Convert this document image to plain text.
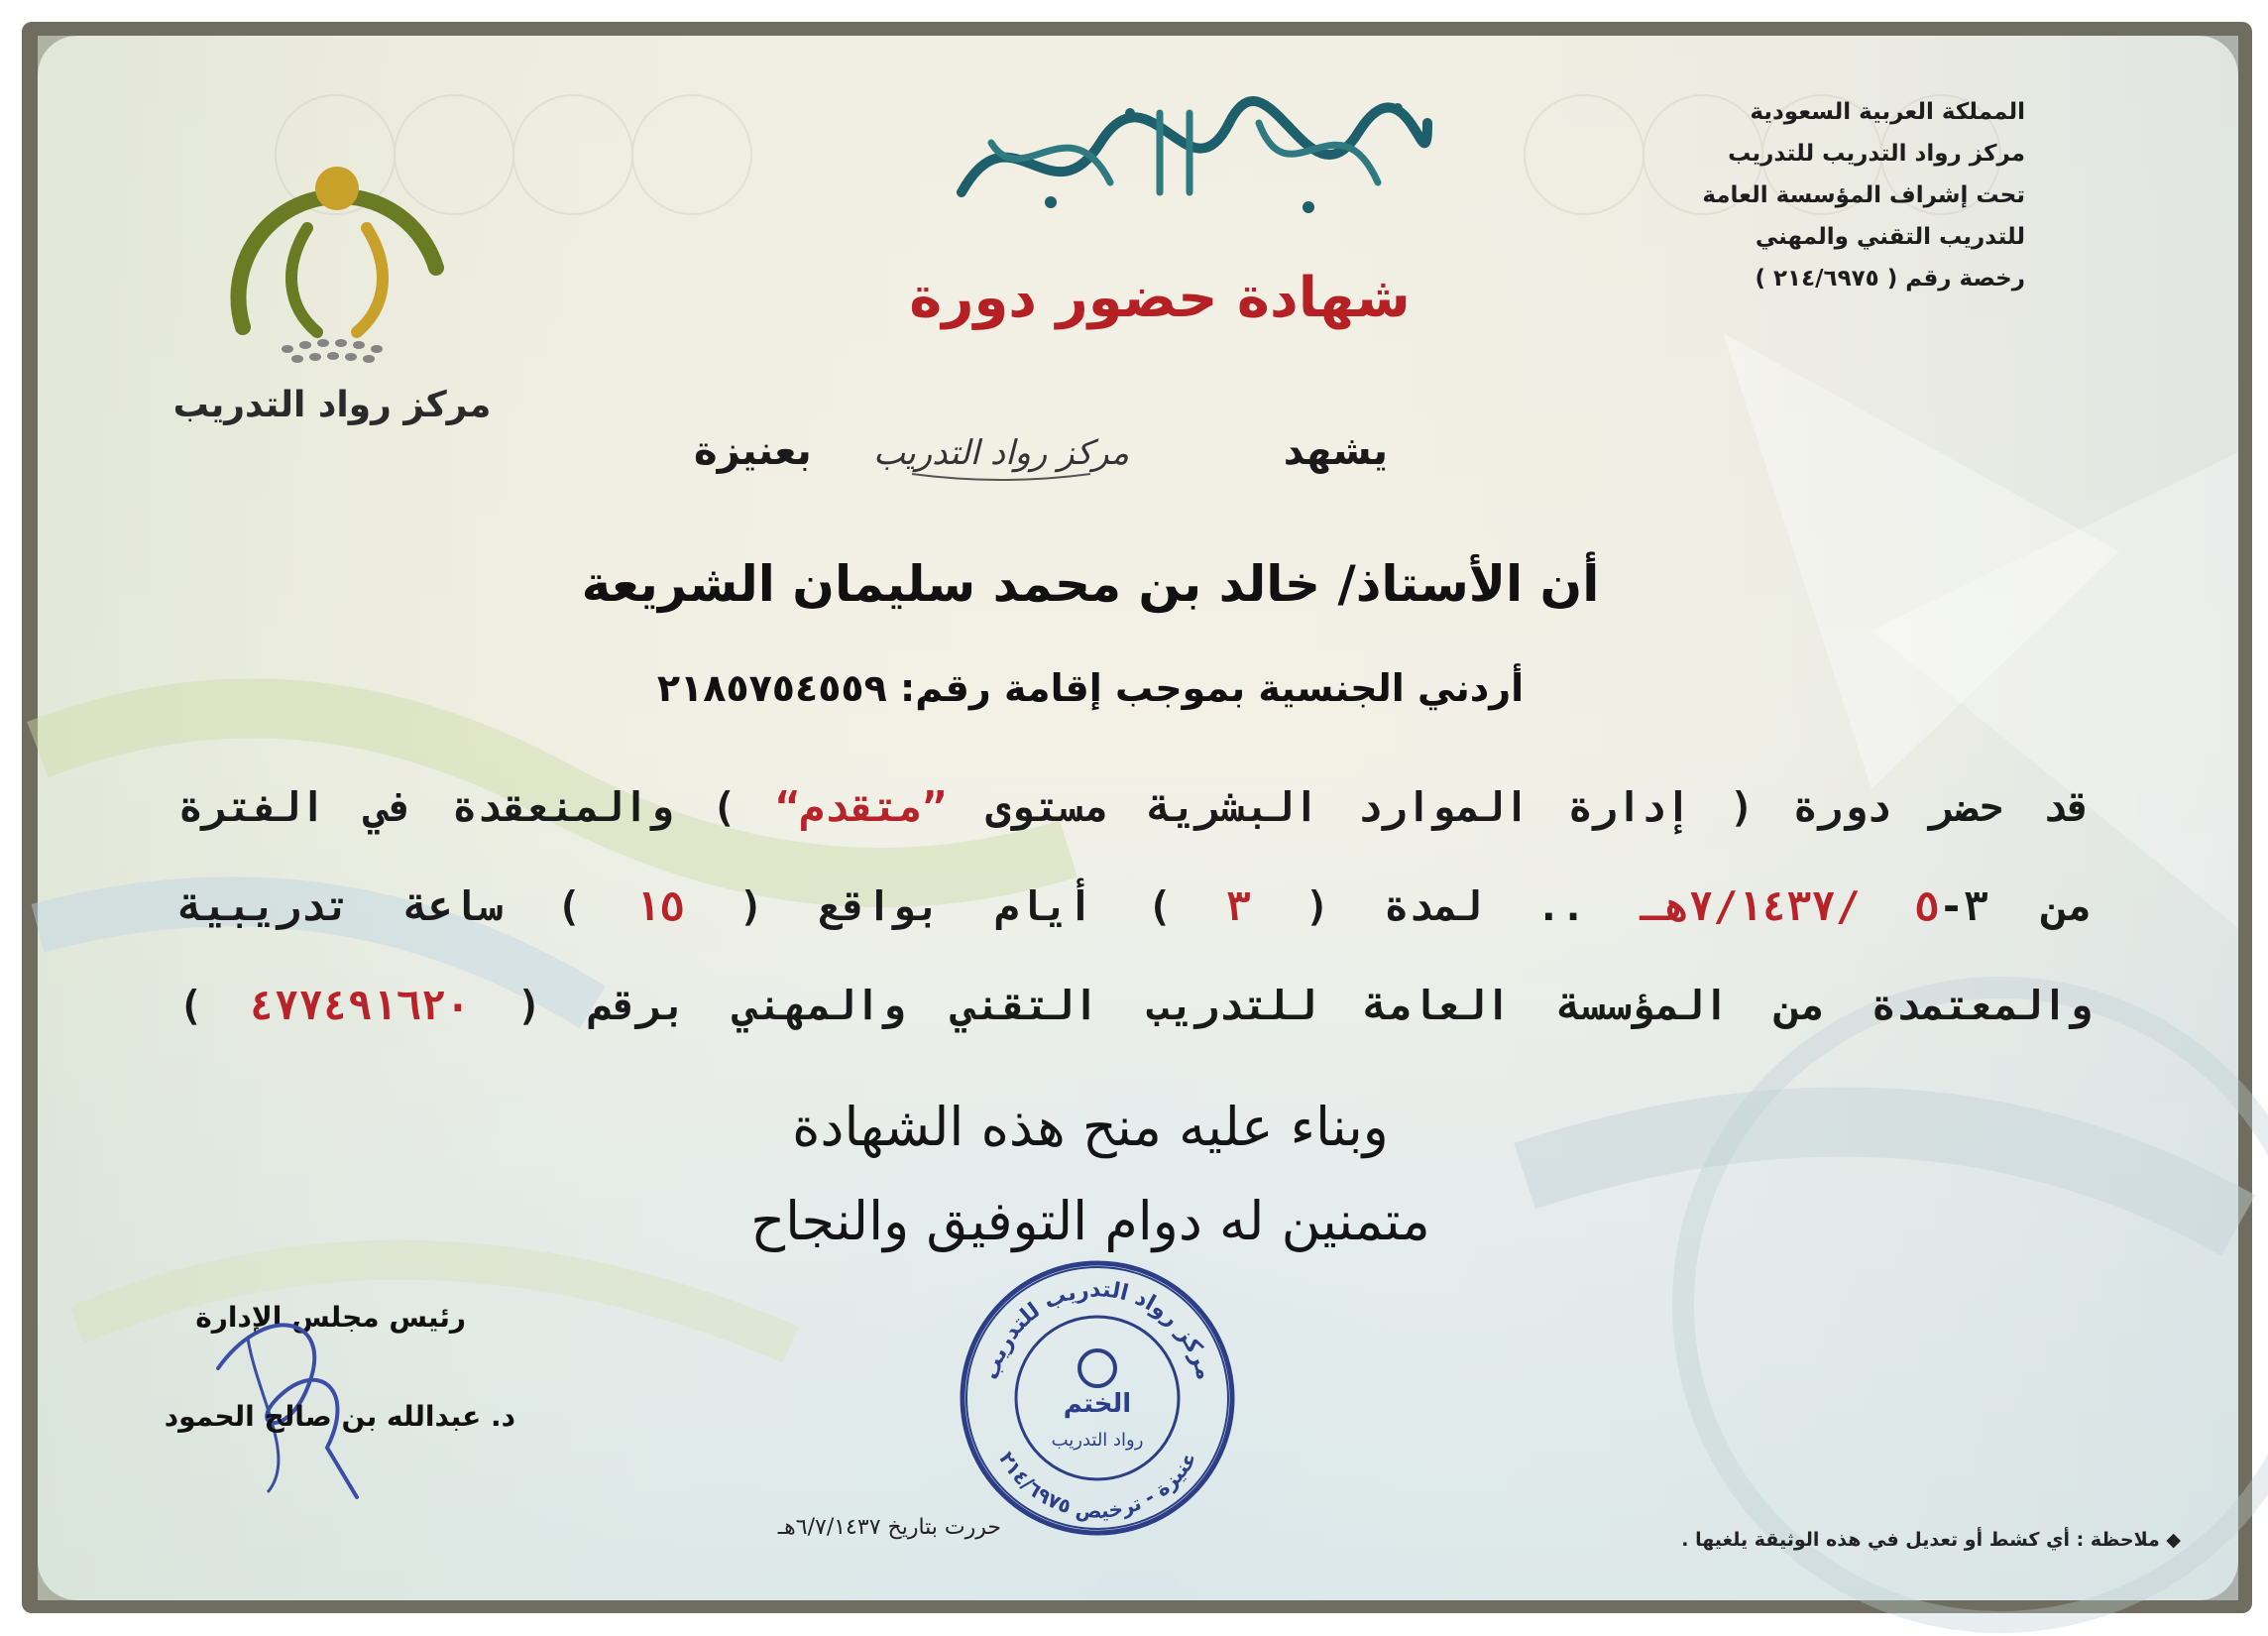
المملكة العربية السعودية
مركز رواد التدريب للتدريب
تحت إشراف المؤسسة العامة
للتدريب التقني والمهني
رخصة رقم ( ٢١٤/٦٩٧٥ )
شهادة حضور دورة
مركز رواد التدريب
يشهد
مركز رواد التدريب
بعنيزة
أن الأستاذ/ خالد بن محمد سليمان الشريعة
أردني الجنسية بموجب إقامة رقم: ٢١٨٥٧٥٤٥٥٩
قد حضر دورة ( إدارة الموارد البشرية مستوى ”متقدم“ ) والمنعقدة في الفترة
من ٣-٥ /٧/١٤٣٧هـ .. لمدة ( ٣ ) أيام بواقع ( ١٥ ) ساعة تدريبية
والمعتمدة من المؤسسة العامة للتدريب التقني والمهني برقم ( ٤٧٧٤٩١٦٢٠ )
وبناء عليه منح هذه الشهادة
متمنين له دوام التوفيق والنجاح
رئيس مجلس الإدارة
د. عبدالله بن صالح الحمود
مركز رواد التدريب للتدريب
عنيزة - ترخيص ٢١٤/٦٩٧٥
الختم
رواد التدريب
حررت بتاريخ ٦/٧/١٤٣٧هـ	◆ ملاحظة : أي كشط أو تعديل في هذه الوثيقة يلغيها .
